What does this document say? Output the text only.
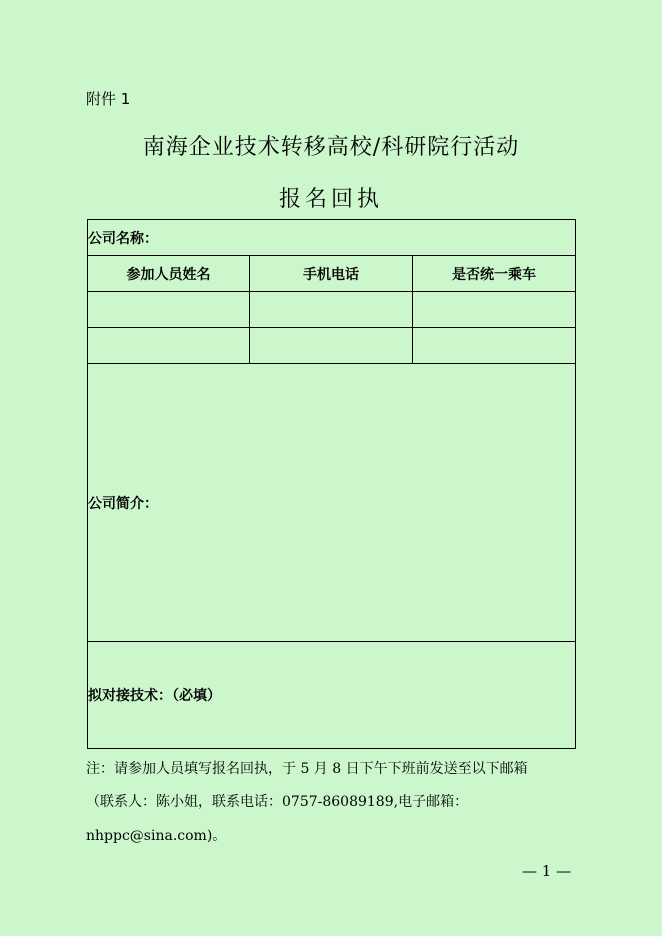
附件 1
南海企业技术转移高校/科研院行活动
报名回执
公司名称：		
参加人员姓名	手机电话	是否统一乘车

公司简介：		
拟对接技术：（必填）		
注：请参加人员填写报名回执，于 5 月 8 日下午下班前发送至以下邮箱
（联系人：陈小姐，联系电话：0757-86089189,电子邮箱：
nhppc@sina.com)。
— 1 —
